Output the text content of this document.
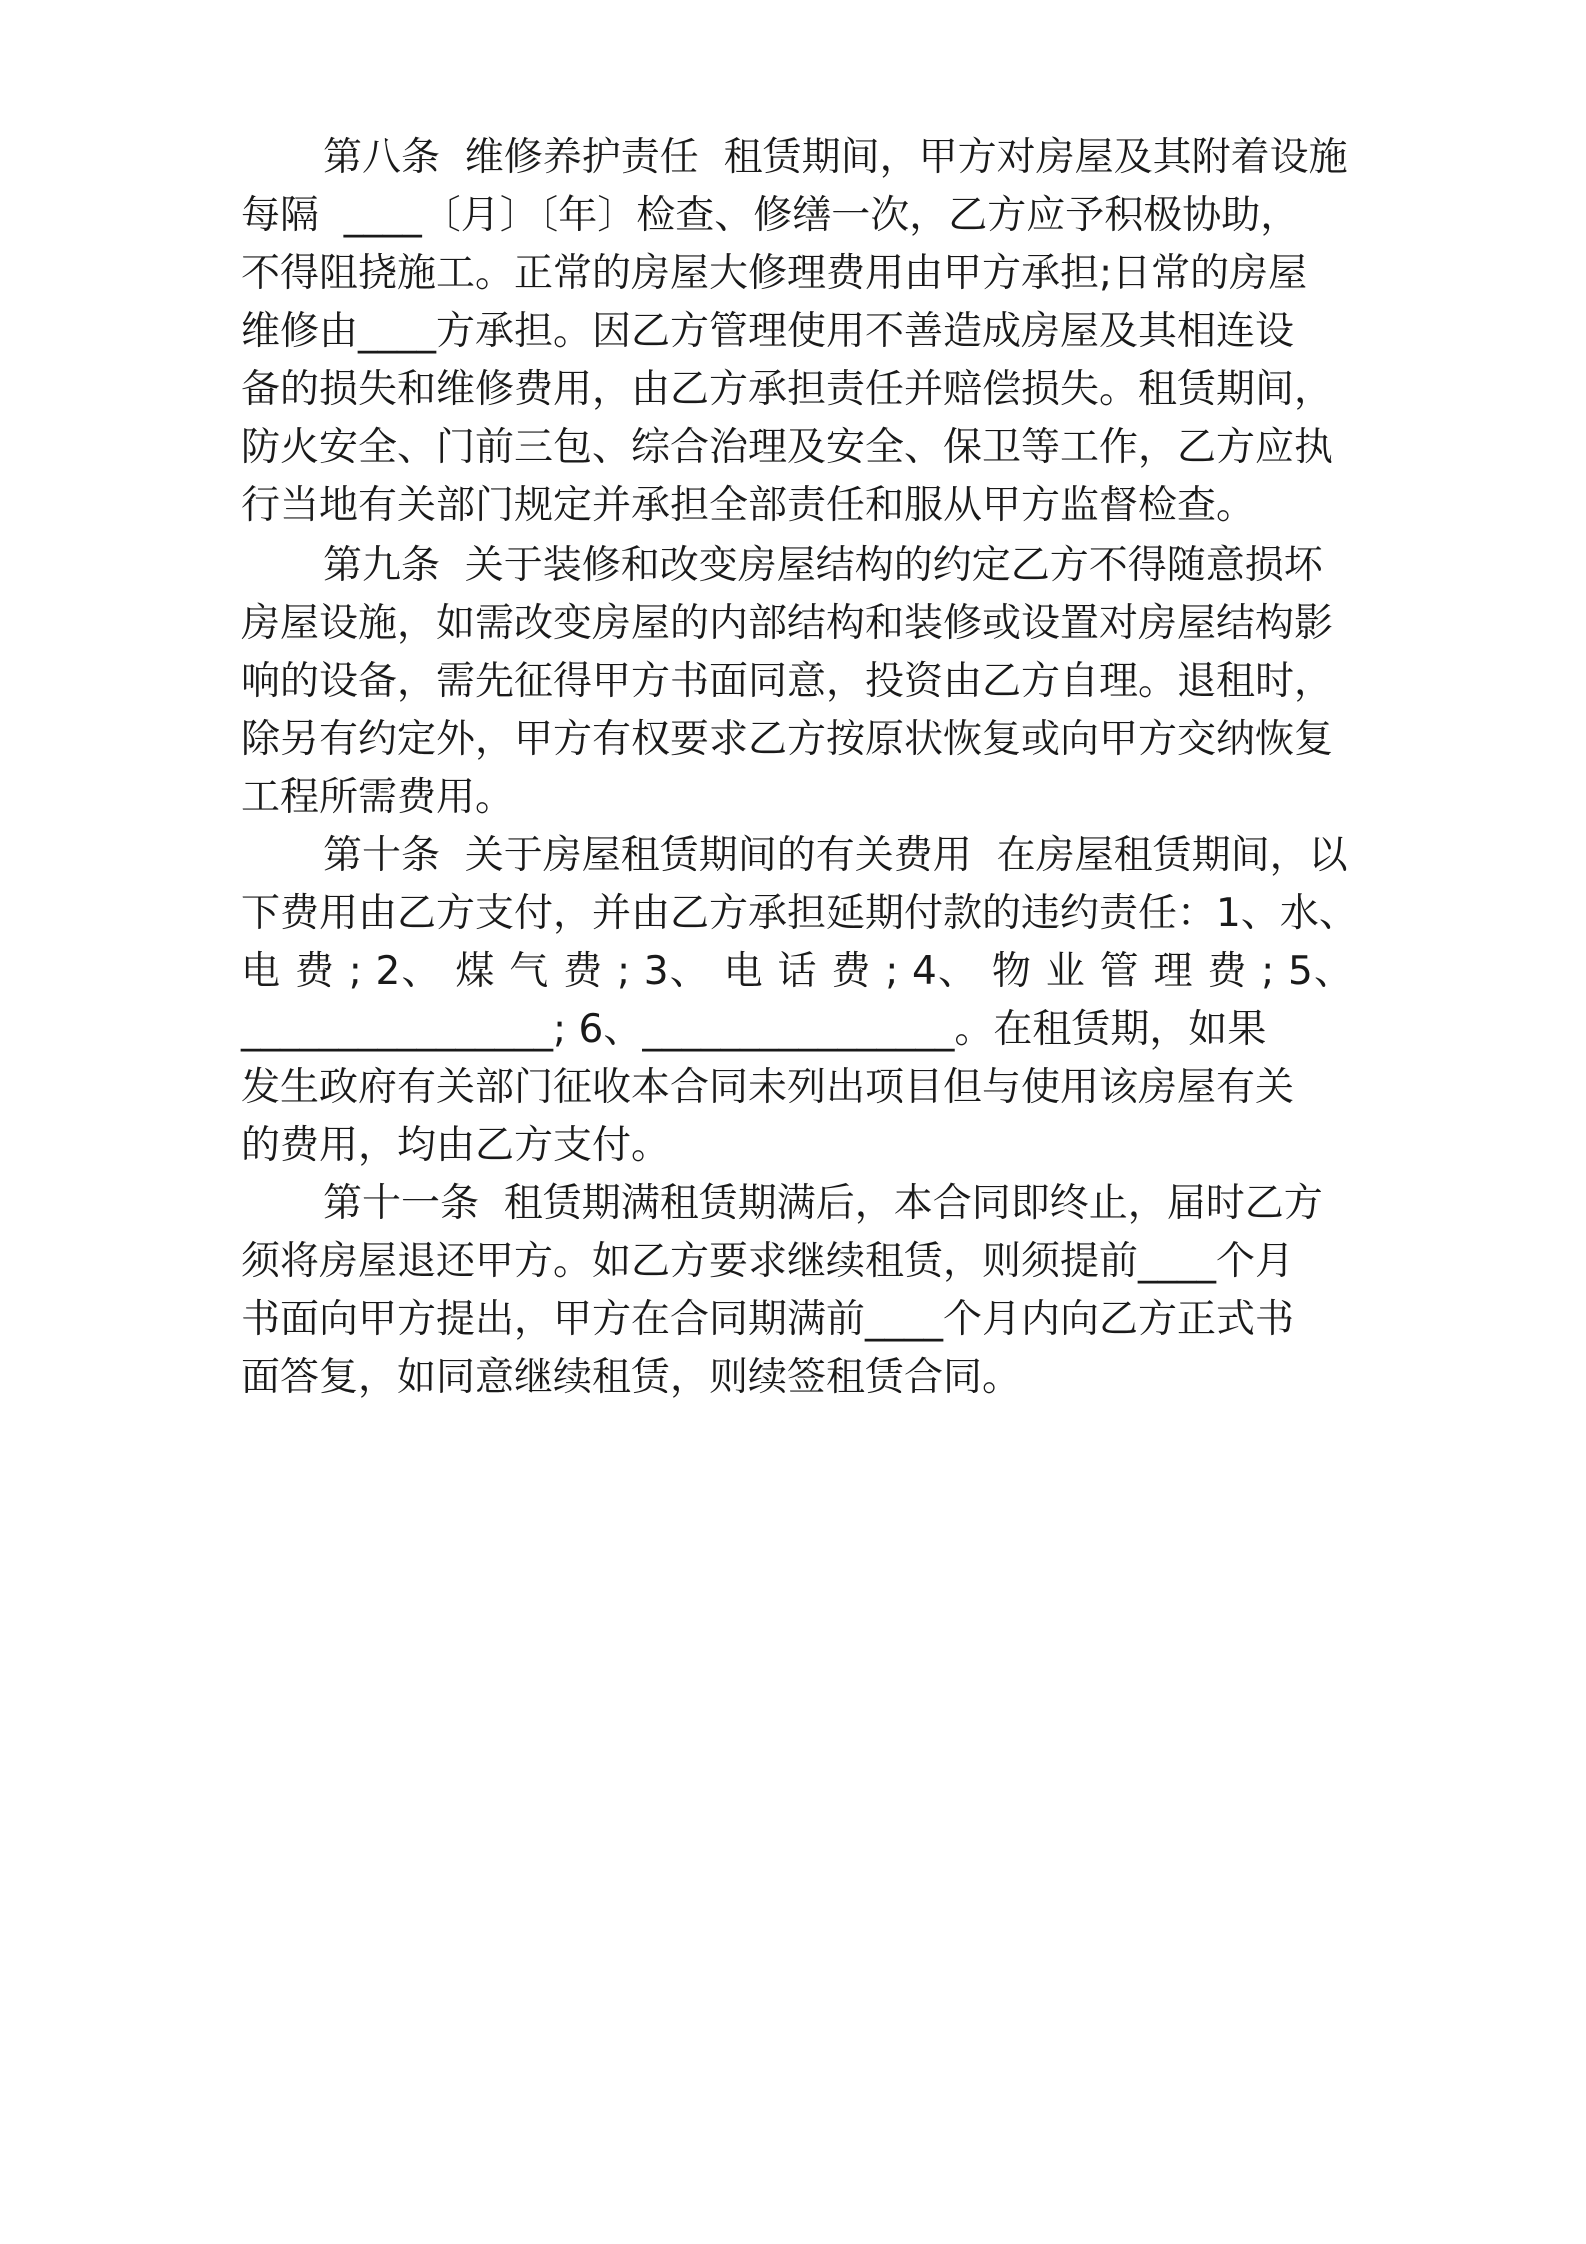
第八条  维修养护责任  租赁期间，甲方对房屋及其附着设施
每隔  ____〔月〕〔年〕检查、修缮一次，乙方应予积极协助，
不得阻挠施工。正常的房屋大修理费用由甲方承担;日常的房屋
维修由____方承担。因乙方管理使用不善造成房屋及其相连设
备的损失和维修费用，由乙方承担责任并赔偿损失。租赁期间，
防火安全、门前三包、综合治理及安全、保卫等工作，乙方应执
行当地有关部门规定并承担全部责任和服从甲方监督检查。
第九条  关于装修和改变房屋结构的约定乙方不得随意损坏
房屋设施，如需改变房屋的内部结构和装修或设置对房屋结构影
响的设备，需先征得甲方书面同意，投资由乙方自理。退租时，
除另有约定外，甲方有权要求乙方按原状恢复或向甲方交纳恢复
工程所需费用。
第十条  关于房屋租赁期间的有关费用  在房屋租赁期间，以
下费用由乙方支付，并由乙方承担延期付款的违约责任：1、水、
电 费 ; 2、 煤 气 费 ; 3、 电 话 费 ; 4、 物 业 管 理 费 ; 5、
________________; 6、________________。在租赁期，如果
发生政府有关部门征收本合同未列出项目但与使用该房屋有关
的费用，均由乙方支付。
第十一条  租赁期满租赁期满后，本合同即终止，届时乙方
须将房屋退还甲方。如乙方要求继续租赁，则须提前____个月
书面向甲方提出，甲方在合同期满前____个月内向乙方正式书
面答复，如同意继续租赁，则续签租赁合同。
